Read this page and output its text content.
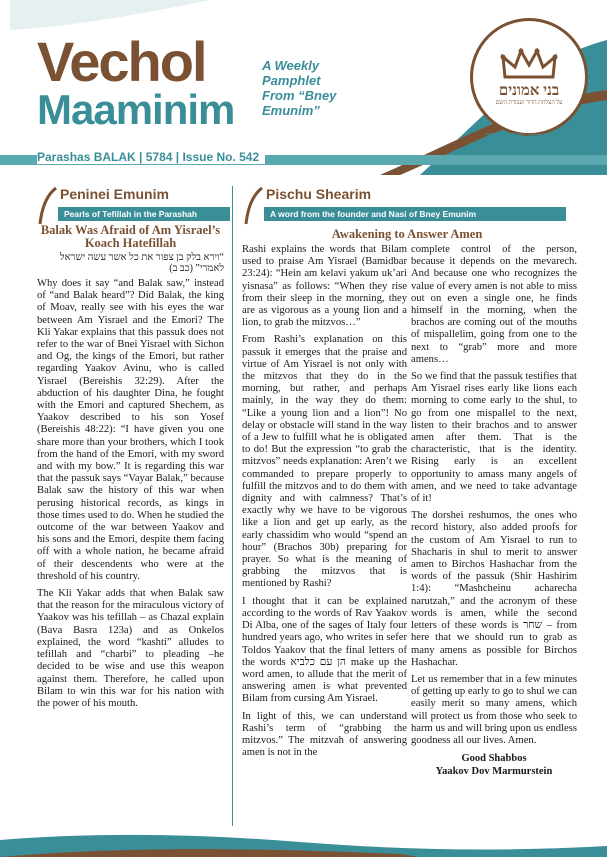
Vechol
Maaminim
A Weekly Pamphlet From “Bney Emunim”
Parashas BALAK | 5784 | Issue No. 542
בני אמונים
על הצלחת הדור ועבודת השם
ת.ד 102 בני ברק | פקס : 03-5055919
9131919@gmail.com
Peninei Emunim
Pearls of Tefillah in the Parashah
Balak Was Afraid of Am Yisrael’s Koach Hatefillah
“וירא בלק בן צפור את כל אשר עשה ישראל לאמרי” (כב ב)

Why does it say “and Balak saw,” instead of “and Balak heard”? Did Balak, the king of Moav, really see with his eyes the war between Am Yisrael and the Emori? The Kli Yakar explains that this passuk does not refer to the war of Bnei Yisrael with Sichon and Og, the kings of the Emori, but rather regarding Yaakov Avinu, who is called Yisrael (Bereishis 32:29). After the abduction of his daughter Dina, he fought with the Emori and captured Shechem, as Yaakov described to his son Yosef (Bereishis 48:22): “I have given you one share more than your brothers, which I took from the hand of the Emori, with my sword and with my bow.” It is regarding this war that the passuk says “Vayar Balak,” because Balak saw the history of this war when perusing historical records, as kings in those times used to do. When he studied the outcome of the war between Yaakov and his sons and the Emori, despite them facing off with a whole nation, he became afraid of their descendents who were at the threshold of his country.

The Kli Yakar adds that when Balak saw that the reason for the miraculous victory of Yaakov was his tefillah – as Chazal explain (Bava Basra 123a) and as Onkelos explained, the word “kashti” alludes to tefillah and “charbi” to pleading –he decided to be wise and use this weapon against them. Therefore, he called upon Bilam to win this war for his nation with the power of his mouth.

Pischu Shearim
A word from the founder and Nasi of Bney Emunim
Awakening to Answer Amen

Rashi explains the words that Bilam used to praise Am Yisrael (Bamidbar 23:24): “Hein am kelavi yakum uk’ari yisnasa” as follows: “When they rise from their sleep in the morning, they are as vigorous as a young lion and a lion, to grab the mitzvos…”

From Rashi’s explanation on this passuk it emerges that the praise and virtue of Am Yisrael is not only with the mitzvos that they do in the morning, but rather, and perhaps mainly, in the way they do them: “Like a young lion and a lion”! No delay or obstacle will stand in the way of a Jew to fulfill what he is obligated to do! But the expression “to grab the mitzvos” needs explanation: Aren’t we commanded to prepare properly to fulfill the mitzvos and to do them with dignity and with calmness? That’s exactly why we have to be vigorous like a lion and get up early, as the early chassidim who would “spend an hour” (Brachos 30b) preparing for prayer. So what is the meaning of grabbing the mitzvos that is mentioned by Rashi?

I thought that it can be explained according to the words of Rav Yaakov Di Alba, one of the sages of Italy four hundred years ago, who writes in sefer Toldos Yaakov that the final letters of the words הן עם כלביא make up the word amen, to allude that the merit of answering amen is what prevented Bilam from cursing Am Yisrael.

In light of this, we can understand Rashi’s term of “grabbing the mitzvos.” The mitzvah of answering amen is not in the

complete control of the person, because it depends on the mevarech. And because one who recognizes the value of every amen is not able to miss out on even a single one, he finds himself in the morning, when the brachos are coming out of the mouths of mispallelim, going from one to the next to “grab” more and more amens…

So we find that the passuk testifies that Am Yisrael rises early like lions each morning to come early to the shul, to go from one mispallel to the next, listen to their brachos and to answer amen after them. That is the characteristic, that is the identity. Rising early is an excellent opportunity to amass many angels of amen, and we need to take advantage of it!

The dorshei reshumos, the ones who record history, also added proofs for the custom of Am Yisrael to run to Shacharis in shul to merit to answer amen to Birchos Hashachar from the words of the passuk (Shir Hashirim 1:4): “Mashcheinu acharecha narutzah,” and the acronym of these words is amen, while the second letters of these words is שחר – from here that we should run to grab as many amens as possible for Birchos Hashachar.

Let us remember that in a few minutes of getting up early to go to shul we can easily merit so many amens, which will protect us from those who seek to harm us and will bring upon us endless goodness all our lives. Amen.

Good Shabbos
Yaakov Dov Marmurstein
